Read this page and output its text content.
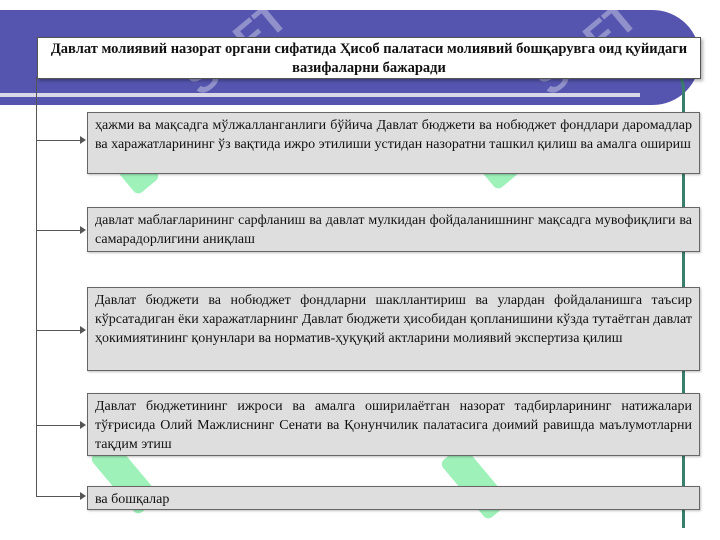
Давлат молиявий назорат органи сифатида Ҳисоб палатаси молиявий бошқарувга оид қуйидаги вазифаларни бажаради
ҳажми ва мақсадга мўлжалланганлиги бўйича Давлат бюджети ва нобюджет фондлари даромадлар ва харажатларининг ўз вақтида ижро этилиши устидан назоратни ташкил қилиш ва амалга ошириш
давлат маблағларининг сарфланиш ва давлат мулкидан фойдаланишнинг мақсадга мувофиқлиги ва самарадорлигини аниқлаш
Давлат бюджети ва нобюджет фондларни шакллантириш ва улардан фойдаланишга таъсир кўрсатадиган ёки харажатларнинг Давлат бюджети ҳисобидан қопланишини кўзда тутаётган давлат ҳокимиятининг қонунлари ва норматив-ҳуқуқий актларини молиявий экспертиза қилиш
Давлат бюджетининг ижроси ва амалга оширилаётган назорат тадбирларининг натижалари тўғрисида Олий Мажлиснинг Сенати ва Қонунчилик палатасига доимий равишда маълумотларни тақдим этиш
ва бошқалар
